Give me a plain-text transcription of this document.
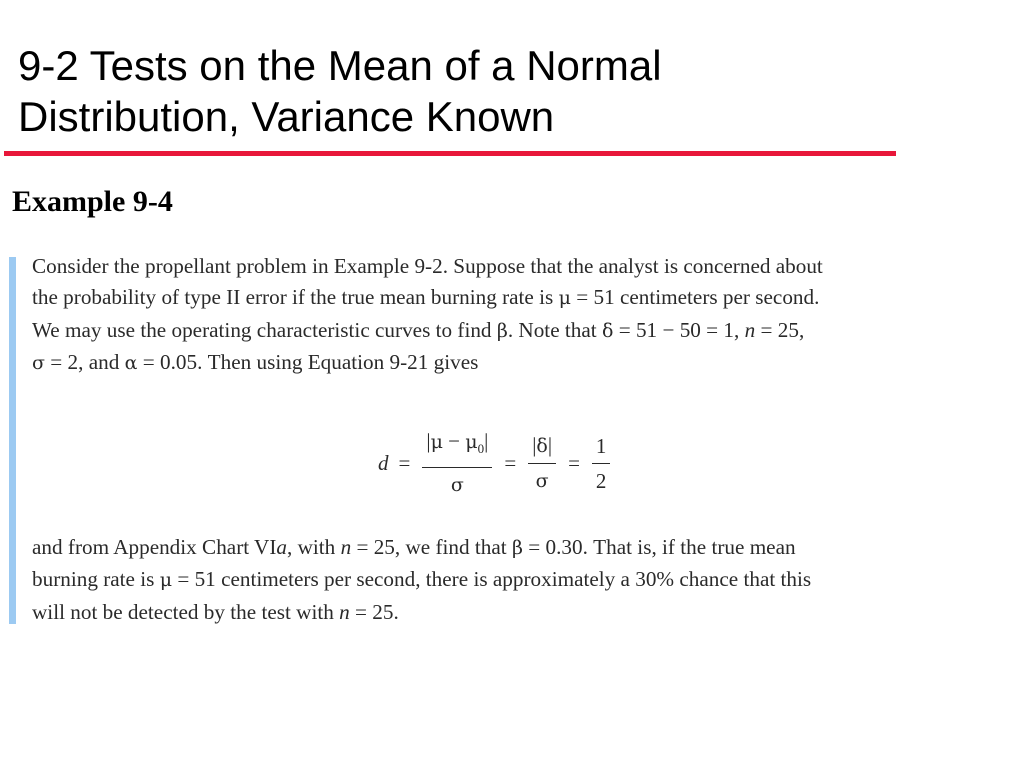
9-2 Tests on the Mean of a Normal
Distribution, Variance Known
Example 9-4
Consider the propellant problem in Example 9-2. Suppose that the analyst is concerned about
the probability of type II error if the true mean burning rate is μ = 51 centimeters per second.
We may use the operating characteristic curves to find β. Note that δ = 51 − 50 = 1, n = 25,
σ = 2, and α = 0.05. Then using Equation 9-21 gives
$d = \frac{|\mu - \mu_0|}{\sigma} = \frac{|\delta|}{\sigma} = \frac{1}{2}$
and from Appendix Chart VIa, with n = 25, we find that β = 0.30. That is, if the true mean
burning rate is μ = 51 centimeters per second, there is approximately a 30% chance that this
will not be detected by the test with n = 25.
